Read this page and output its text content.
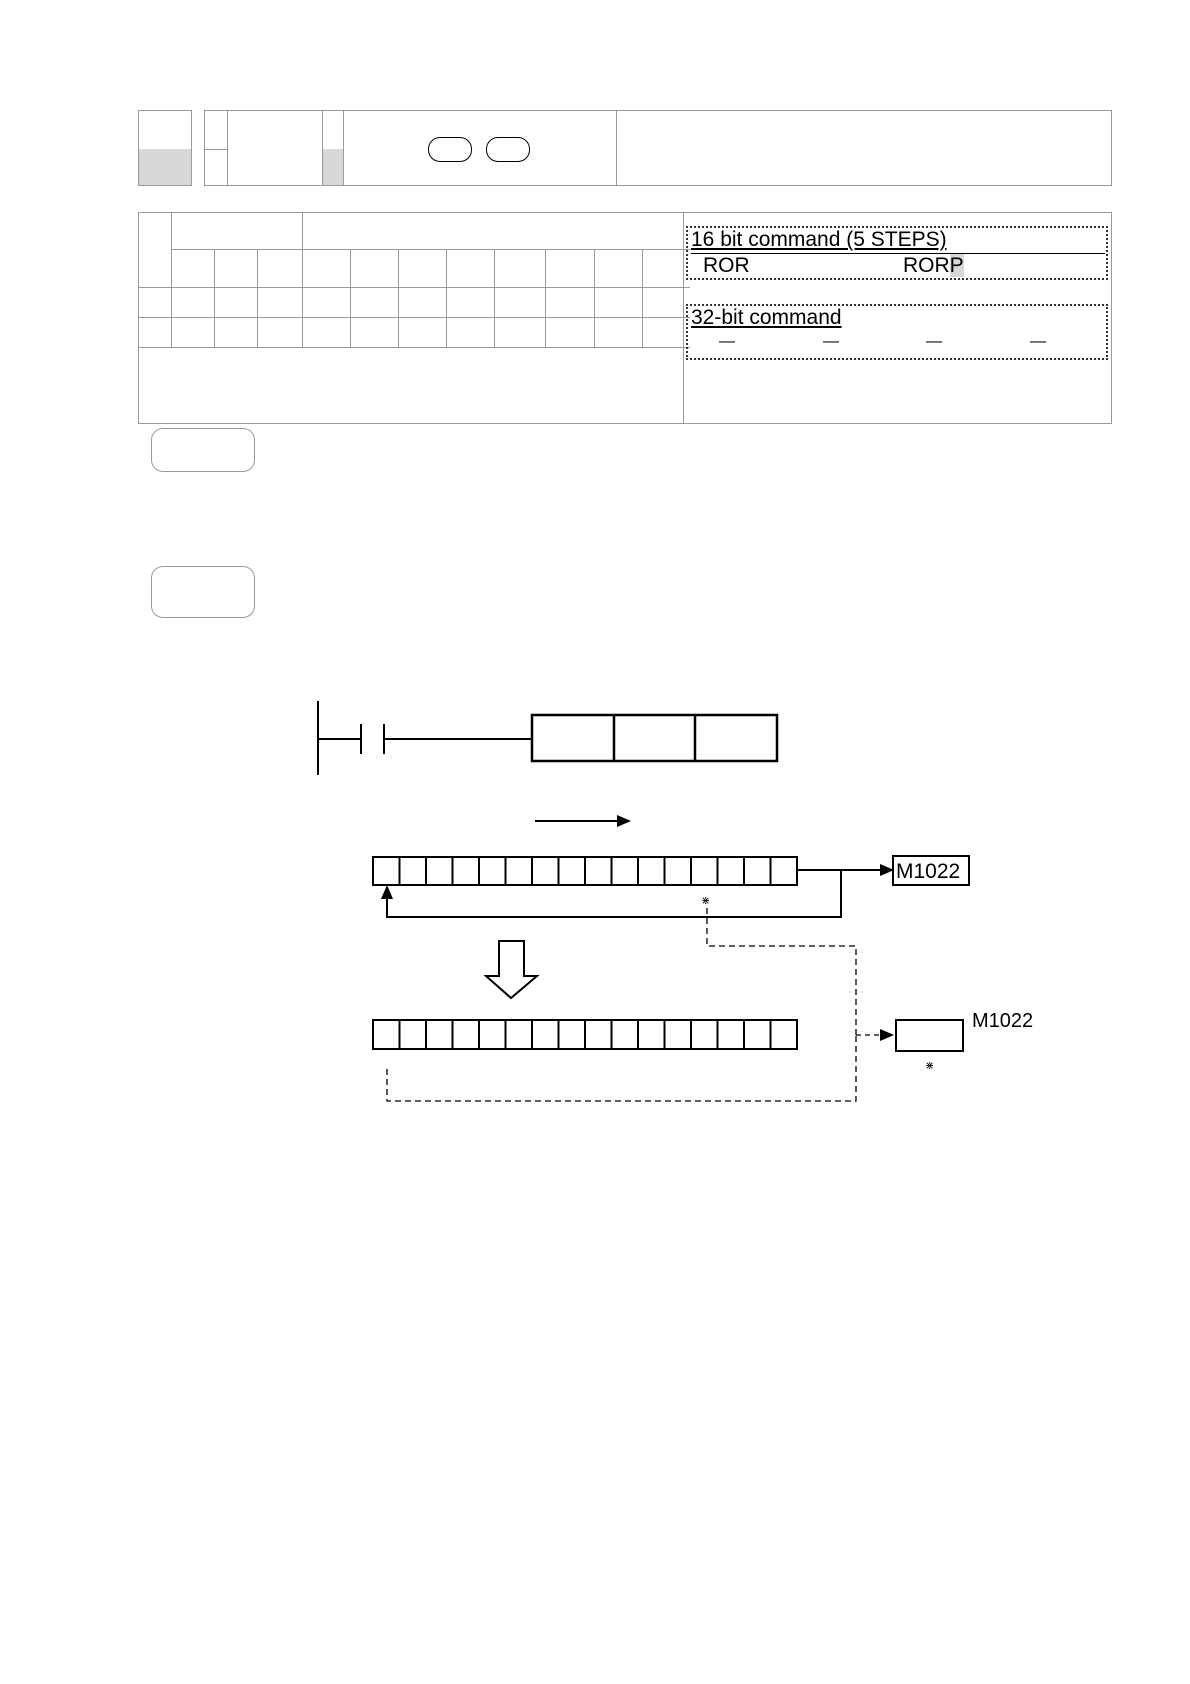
16 bit command (5 STEPS)
ROR	RORP
32-bit command
—	—	—	—
M1022
⋇
M1022
⋇
